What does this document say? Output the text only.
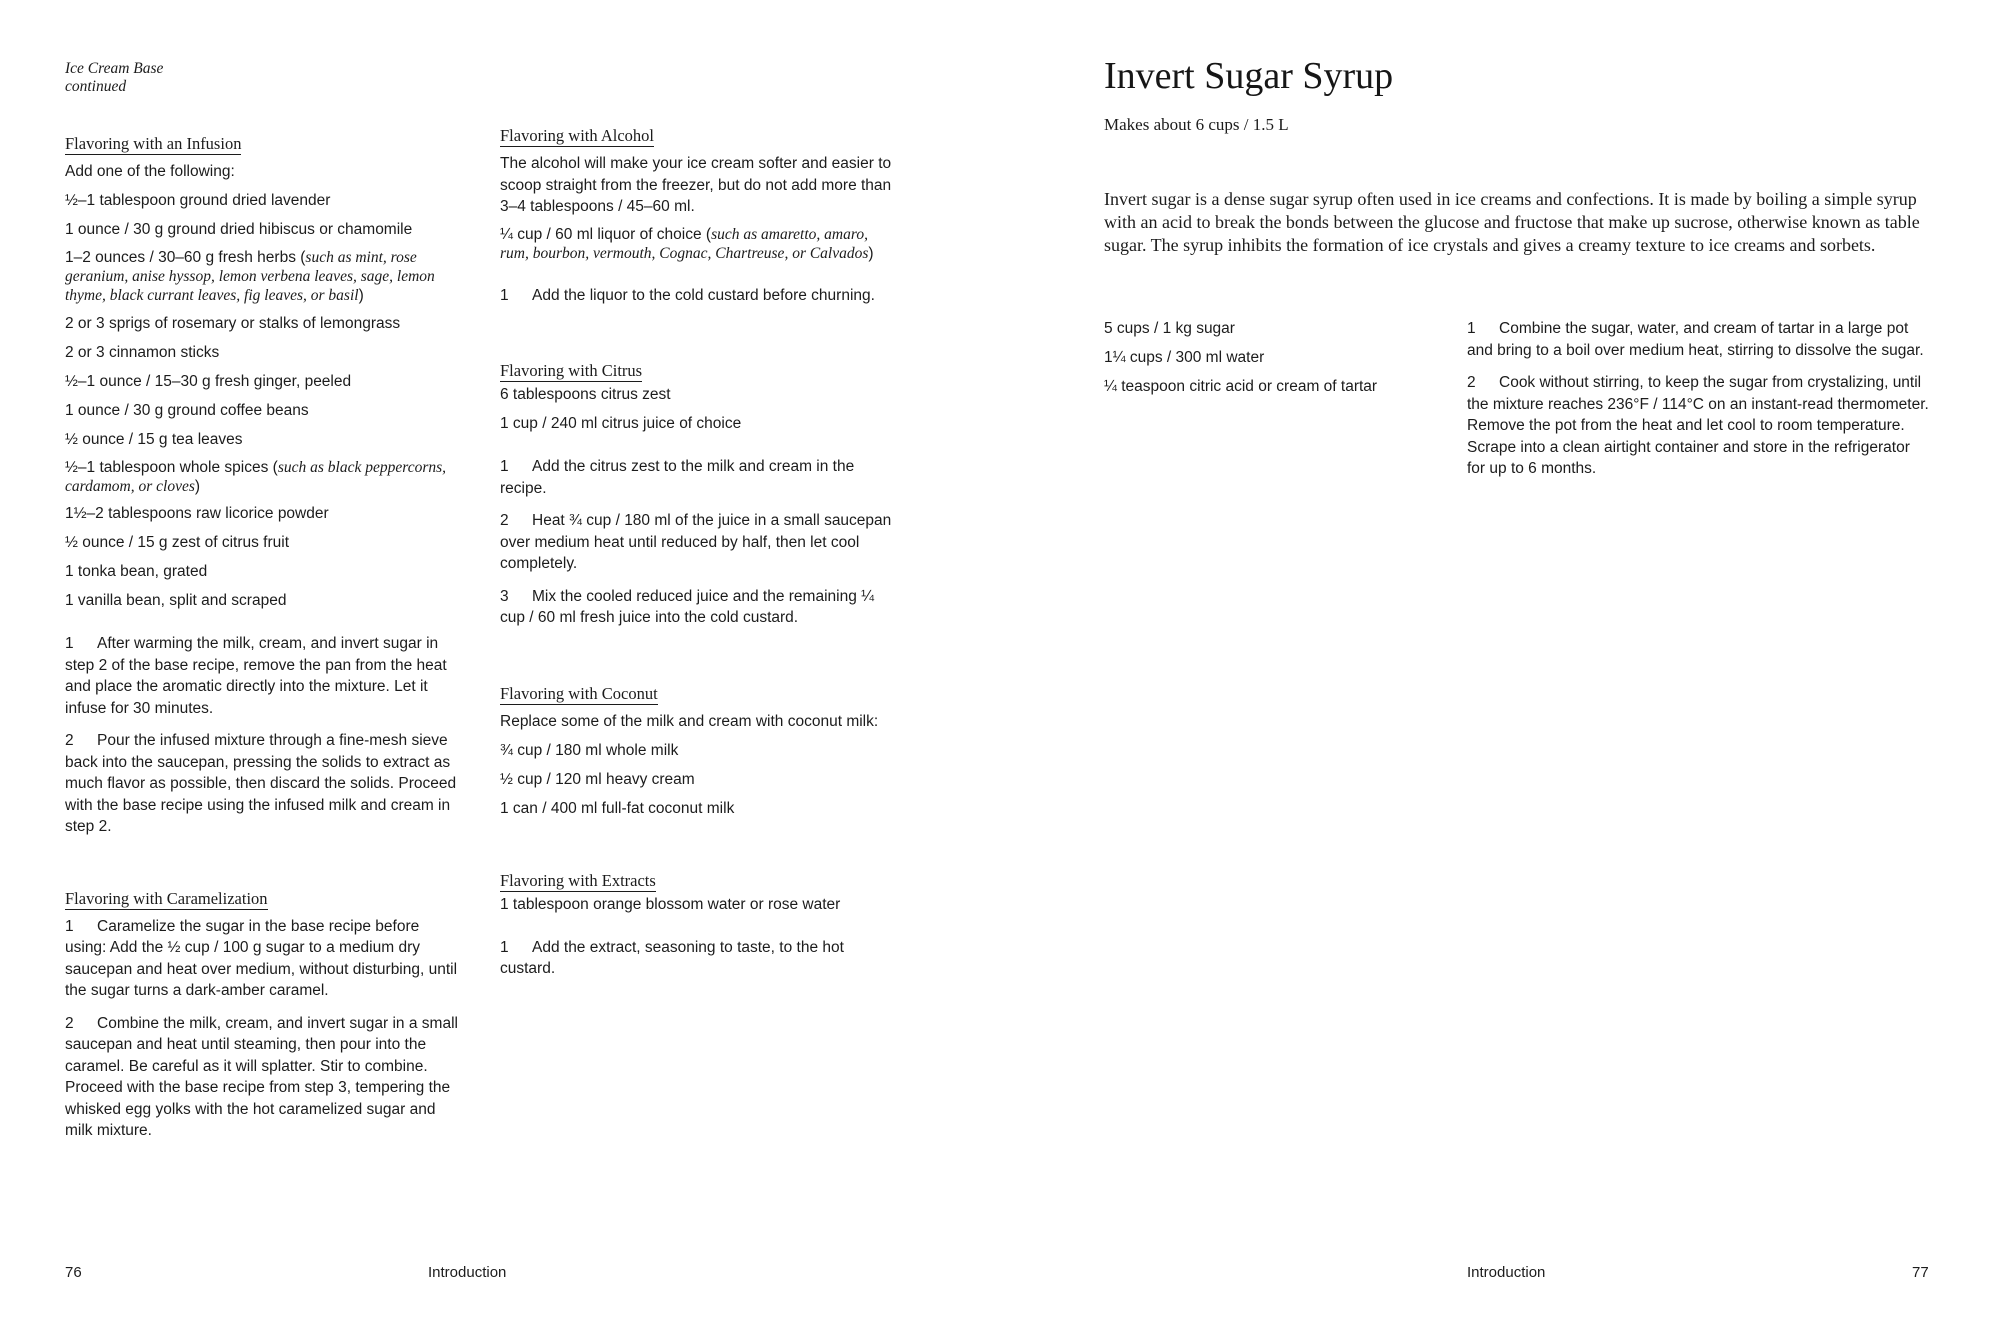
Ice Cream Base
continued
Flavoring with an Infusion
Add one of the following:
½–1 tablespoon ground dried lavender
1 ounce / 30 g ground dried hibiscus or chamomile
1–2 ounces / 30–60 g fresh herbs (such as mint, rose geranium, anise hyssop, lemon verbena leaves, sage, lemon thyme, black currant leaves, fig leaves, or basil)
2 or 3 sprigs of rosemary or stalks of lemongrass
2 or 3 cinnamon sticks
½–1 ounce / 15–30 g fresh ginger, peeled
1 ounce / 30 g ground coffee beans
½ ounce / 15 g tea leaves
½–1 tablespoon whole spices (such as black peppercorns, cardamom, or cloves)
1½–2 tablespoons raw licorice powder
½ ounce / 15 g zest of citrus fruit
1 tonka bean, grated
1 vanilla bean, split and scraped
1 After warming the milk, cream, and invert sugar in step 2 of the base recipe, remove the pan from the heat and place the aromatic directly into the mixture. Let it infuse for 30 minutes.
2 Pour the infused mixture through a fine-mesh sieve back into the saucepan, pressing the solids to extract as much flavor as possible, then discard the solids. Proceed with the base recipe using the infused milk and cream in step 2.
Flavoring with Caramelization
1 Caramelize the sugar in the base recipe before using: Add the ½ cup / 100 g sugar to a medium dry saucepan and heat over medium, without disturbing, until the sugar turns a dark-amber caramel.
2 Combine the milk, cream, and invert sugar in a small saucepan and heat until steaming, then pour into the caramel. Be careful as it will splatter. Stir to combine. Proceed with the base recipe from step 3, tempering the whisked egg yolks with the hot caramelized sugar and milk mixture.
Flavoring with Alcohol
The alcohol will make your ice cream softer and easier to scoop straight from the freezer, but do not add more than 3–4 tablespoons / 45–60 ml.
¼ cup / 60 ml liquor of choice (such as amaretto, amaro, rum, bourbon, vermouth, Cognac, Chartreuse, or Calvados)
1 Add the liquor to the cold custard before churning.
Flavoring with Citrus
6 tablespoons citrus zest
1 cup / 240 ml citrus juice of choice
1 Add the citrus zest to the milk and cream in the recipe.
2 Heat ¾ cup / 180 ml of the juice in a small saucepan over medium heat until reduced by half, then let cool completely.
3 Mix the cooled reduced juice and the remaining ¼ cup / 60 ml fresh juice into the cold custard.
Flavoring with Coconut
Replace some of the milk and cream with coconut milk:
¾ cup / 180 ml whole milk
½ cup / 120 ml heavy cream
1 can / 400 ml full-fat coconut milk
Flavoring with Extracts
1 tablespoon orange blossom water or rose water
1 Add the extract, seasoning to taste, to the hot custard.
76	Introduction
Invert Sugar Syrup
Makes about 6 cups / 1.5 L
Invert sugar is a dense sugar syrup often used in ice creams and confections. It is made by boiling a simple syrup with an acid to break the bonds between the glucose and fructose that make up sucrose, otherwise known as table sugar. The syrup inhibits the formation of ice crystals and gives a creamy texture to ice creams and sorbets.
5 cups / 1 kg sugar
1¼ cups / 300 ml water
¼ teaspoon citric acid or cream of tartar
1 Combine the sugar, water, and cream of tartar in a large pot and bring to a boil over medium heat, stirring to dissolve the sugar.
2 Cook without stirring, to keep the sugar from crystalizing, until the mixture reaches 236°F / 114°C on an instant-read thermometer. Remove the pot from the heat and let cool to room temperature. Scrape into a clean airtight container and store in the refrigerator for up to 6 months.
Introduction	77
